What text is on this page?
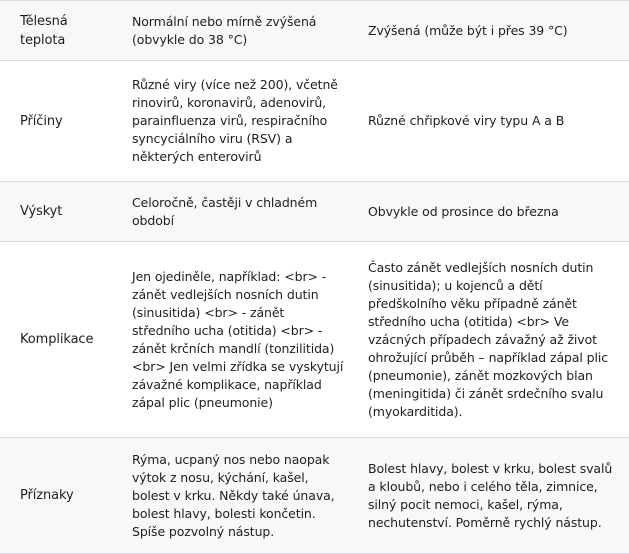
Tělesná teplota
Normální nebo mírně zvýšená (obvykle do 38 °C)
Zvýšená (může být i přes 39 °C)
Příčiny
Různé viry (více než 200), včetně rinovirů, koronavirů, adenovirů, parainfluenza virů, respiračního syncyciálního viru (RSV) a některých enterovirů
Různé chřipkové viry typu A a B
Výskyt
Celoročně, častěji v chladném období
Obvykle od prosince do března
Komplikace
Jen ojediněle, například: <br> - zánět vedlejších nosních dutin (sinusitida) <br> - zánět středního ucha (otitida) <br> - zánět krčních mandlí (tonzilitida) <br> Jen velmi zřídka se vyskytují závažné komplikace, například zápal plic (pneumonie)
Často zánět vedlejších nosních dutin (sinusitida); u kojenců a dětí předškolního věku případně zánět středního ucha (otitida) <br> Ve vzácných případech závažný až život ohrožující průběh – například zápal plic (pneumonie), zánět mozkových blan (meningitida) či zánět srdečního svalu (myokarditida).
Příznaky
Rýma, ucpaný nos nebo naopak výtok z nosu, kýchání, kašel, bolest v krku. Někdy také únava, bolest hlavy, bolesti končetin. Spíše pozvolný nástup.
Bolest hlavy, bolest v krku, bolest svalů a kloubů, nebo i celého těla, zimnice, silný pocit nemoci, kašel, rýma, nechutenství. Poměrně rychlý nástup.
